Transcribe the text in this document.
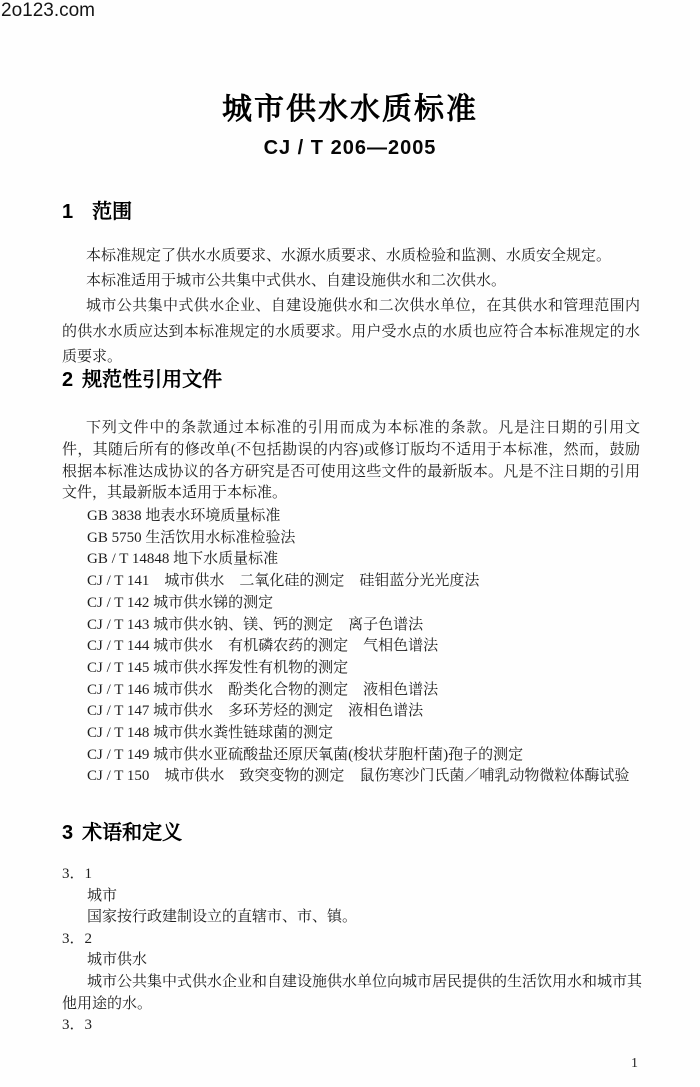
2o123.com
城市供水水质标准
CJ / T 206—2005
1 范围

本标准规定了供水水质要求、水源水质要求、水质检验和监测、水质安全规定。

本标准适用于城市公共集中式供水、自建设施供水和二次供水。

城市公共集中式供水企业、自建设施供水和二次供水单位，在其供水和管理范围内的供水水质应达到本标准规定的水质要求。用户受水点的水质也应符合本标准规定的水质要求。

2 规范性引用文件

下列文件中的条款通过本标准的引用而成为本标准的条款。凡是注日期的引用文件，其随后所有的修改单(不包括勘误的内容)或修订版均不适用于本标准，然而，鼓励根据本标准达成协议的各方研究是否可使用这些文件的最新版本。凡是不注日期的引用文件，其最新版本适用于本标准。

GB 3838 地表水环境质量标准
GB 5750 生活饮用水标准检验法
GB / T 14848 地下水质量标准
CJ / T 141　城市供水　二氧化硅的测定　硅钼蓝分光光度法
CJ / T 142 城市供水锑的测定
CJ / T 143 城市供水钠、镁、钙的测定　离子色谱法
CJ / T 144 城市供水　有机磷农药的测定　气相色谱法
CJ / T 145 城市供水挥发性有机物的测定
CJ / T 146 城市供水　酚类化合物的测定　液相色谱法
CJ / T 147 城市供水　多环芳烃的测定　液相色谱法
CJ / T 148 城市供水粪性链球菌的测定
CJ / T 149 城市供水亚硫酸盐还原厌氧菌(梭状芽胞杆菌)孢子的测定
CJ / T 150　城市供水　致突变物的测定　鼠伤寒沙门氏菌／哺乳动物微粒体酶试验
3 术语和定义
3．1
城市

国家按行政建制设立的直辖市、市、镇。

3．2
城市供水

城市公共集中式供水企业和自建设施供水单位向城市居民提供的生活饮用水和城市其他用途的水。

3．3
1
